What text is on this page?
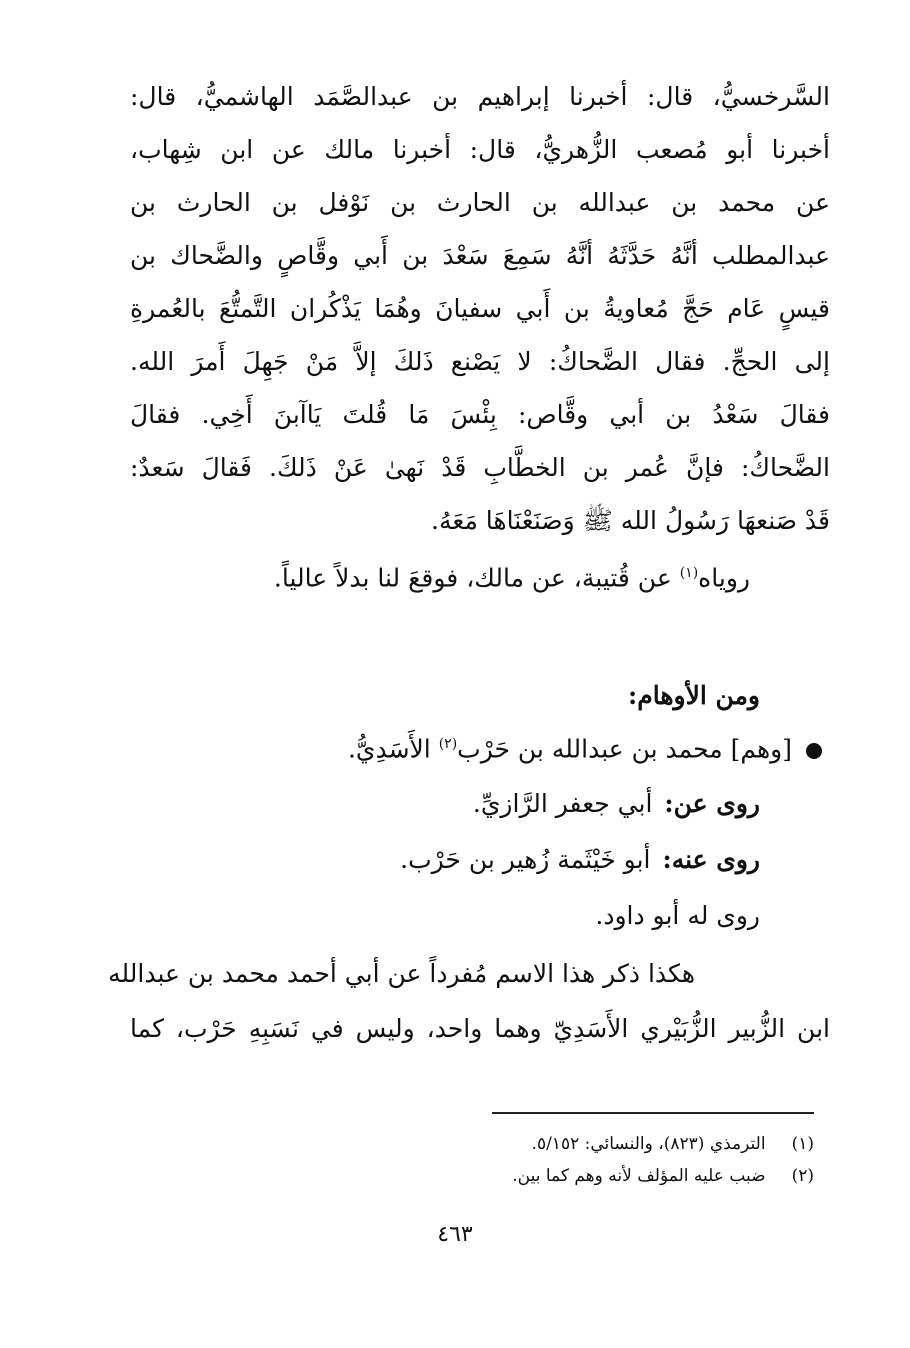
السَّرخسيُّ، قال: أخبرنا إبراهيم بن عبدالصَّمَد الهاشميُّ، قال:
أخبرنا أبو مُصعب الزُّهريُّ، قال: أخبرنا مالك عن ابن شِهاب،
عن محمد بن عبدالله بن الحارث بن نَوْفل بن الحارث بن
عبدالمطلب أنَّهُ حَدَّثَهُ أنَّهُ سَمِعَ سَعْدَ بن أَبي وقَّاصٍ والضَّحاك بن
قيسٍ عَام حَجَّ مُعاويةُ بن أَبي سفيانَ وهُمَا يَذْكُران التَّمتُّعَ بالعُمرةِ
إلى الحجِّ. فقال الضَّحاكُ: لا يَصْنع ذَلكَ إلاَّ مَنْ جَهِلَ أَمرَ الله.
فقالَ سَعْدُ بن أبي وقَّاص: بِئْسَ مَا قُلتَ يَاآبنَ أَخِي. فقالَ
الضَّحاكُ: فإنَّ عُمر بن الخطَّابِ قَدْ نَهىٰ عَنْ ذَلكَ. فَقالَ سَعدٌ:
قَدْ صَنعهَا رَسُولُ الله ﷺ وَصَنَعْنَاهَا مَعَهُ.
روياه$^{(١)}$ عن قُتيبة، عن مالك، فوقعَ لنا بدلاً عالياً.
ومن الأوهام:
[وهم] محمد بن عبدالله بن حَرْب$^{(٢)}$ الأَسَدِيُّ.
روى عن:أبي جعفر الرَّازيِّ.
روى عنه:أبو خَيْثَمة زُهير بن حَرْب.
روى له أبو داود.
هكذا ذكر هذا الاسم مُفرداً عن أبي أحمد محمد بن عبدالله
ابن الزُّبير الزُّبَيْري الأَسَدِيّ وهما واحد، وليس في نَسَبِهِ حَرْب، كما
(١)الترمذي (٨٢٣)، والنسائي: ٥/١٥٢.
(٢)ضبب عليه المؤلف لأنه وهم كما بين.
٤٦٣
